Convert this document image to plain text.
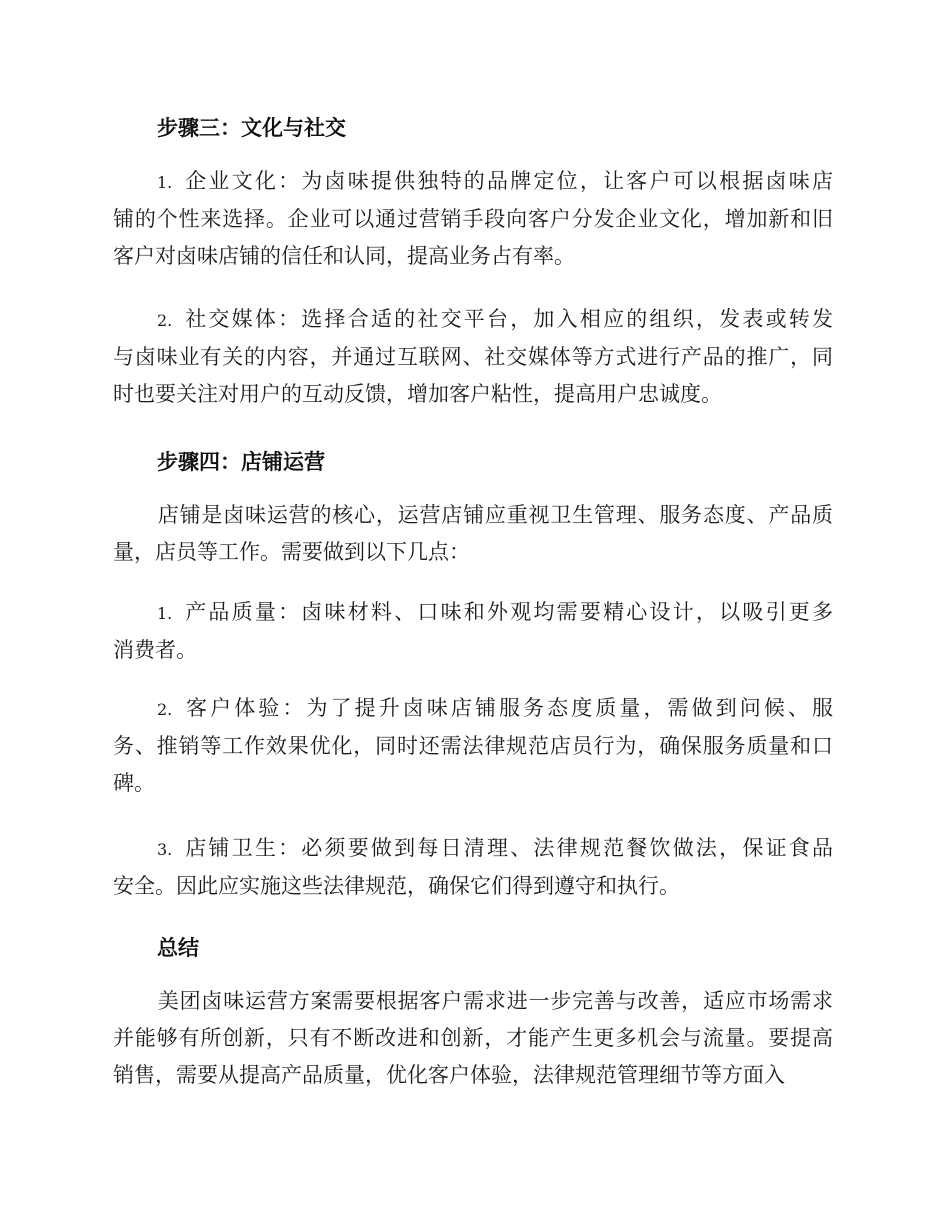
步骤三：文化与社交
1. 企业文化：为卤味提供独特的品牌定位，让客户可以根据卤味店
铺的个性来选择。企业可以通过营销手段向客户分发企业文化，增加新和旧
客户对卤味店铺的信任和认同，提高业务占有率。
2. 社交媒体：选择合适的社交平台，加入相应的组织，发表或转发
与卤味业有关的内容，并通过互联网、社交媒体等方式进行产品的推广，同
时也要关注对用户的互动反馈，增加客户粘性，提高用户忠诚度。
步骤四：店铺运营
店铺是卤味运营的核心，运营店铺应重视卫生管理、服务态度、产品质
量，店员等工作。需要做到以下几点：
1. 产品质量：卤味材料、口味和外观均需要精心设计，以吸引更多
消费者。
2. 客户体验：为了提升卤味店铺服务态度质量，需做到问候、服
务、推销等工作效果优化，同时还需法律规范店员行为，确保服务质量和口
碑。
3. 店铺卫生：必须要做到每日清理、法律规范餐饮做法，保证食品
安全。因此应实施这些法律规范，确保它们得到遵守和执行。
总结
美团卤味运营方案需要根据客户需求进一步完善与改善，适应市场需求
并能够有所创新，只有不断改进和创新，才能产生更多机会与流量。要提高
销售，需要从提高产品质量，优化客户体验，法律规范管理细节等方面入
